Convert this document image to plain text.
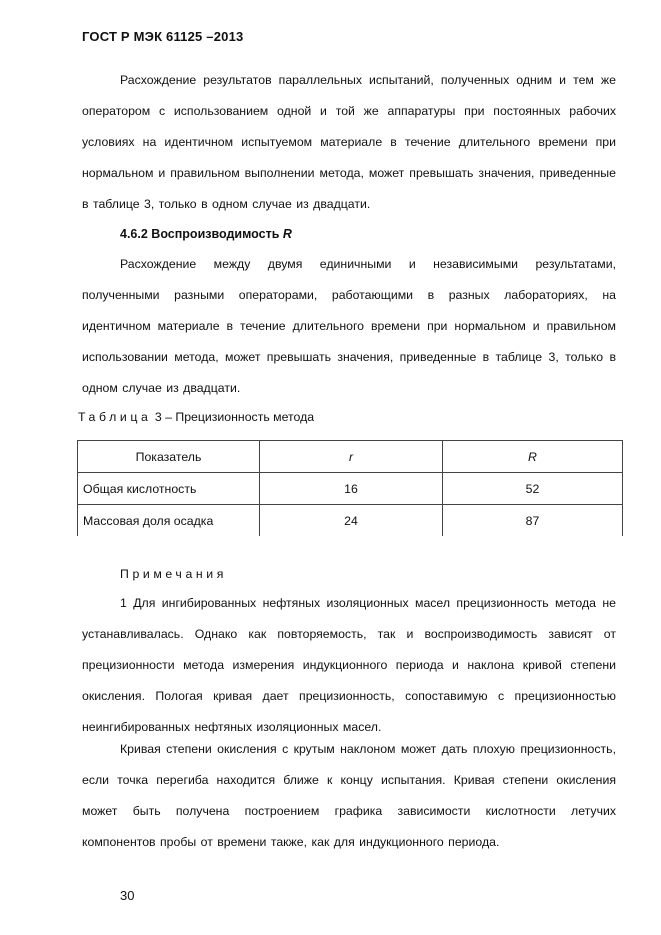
ГОСТ Р МЭК 61125 –2013

Расхождение результатов параллельных испытаний, полученных одним и тем же оператором с использованием одной и той же аппаратуры при постоянных рабочих условиях на идентичном испытуемом материале в течение длительного времени при нормальном и правильном выполнении метода, может превышать значения, приведенные в таблице 3, только в одном случае из двадцати.

4.6.2 Воспроизводимость R

Расхождение между двумя единичными и независимыми результатами, полученными разными операторами, работающими в разных лабораториях, на идентичном материале в течение длительного времени при нормальном и правильном использовании метода, может превышать значения, приведенные в таблице 3, только в одном случае из двадцати.

Таблица 3 – Прецизионность метода
Показатель	r	R
Общая кислотность	16	52
Массовая доля осадка	24	87
Примечания

1 Для ингибированных нефтяных изоляционных масел прецизионность метода не устанавливалась. Однако как повторяемость, так и воспроизводимость зависят от прецизионности метода измерения индукционного периода и наклона кривой степени окисления. Пологая кривая дает прецизионность, сопоставимую с прецизионностью неингибированных нефтяных изоляционных масел.

Кривая степени окисления с крутым наклоном может дать плохую прецизионность, если точка перегиба находится ближе к концу испытания. Кривая степени окисления может быть получена построением графика зависимости кислотности летучих компонентов пробы от времени также, как для индукционного периода.

30
